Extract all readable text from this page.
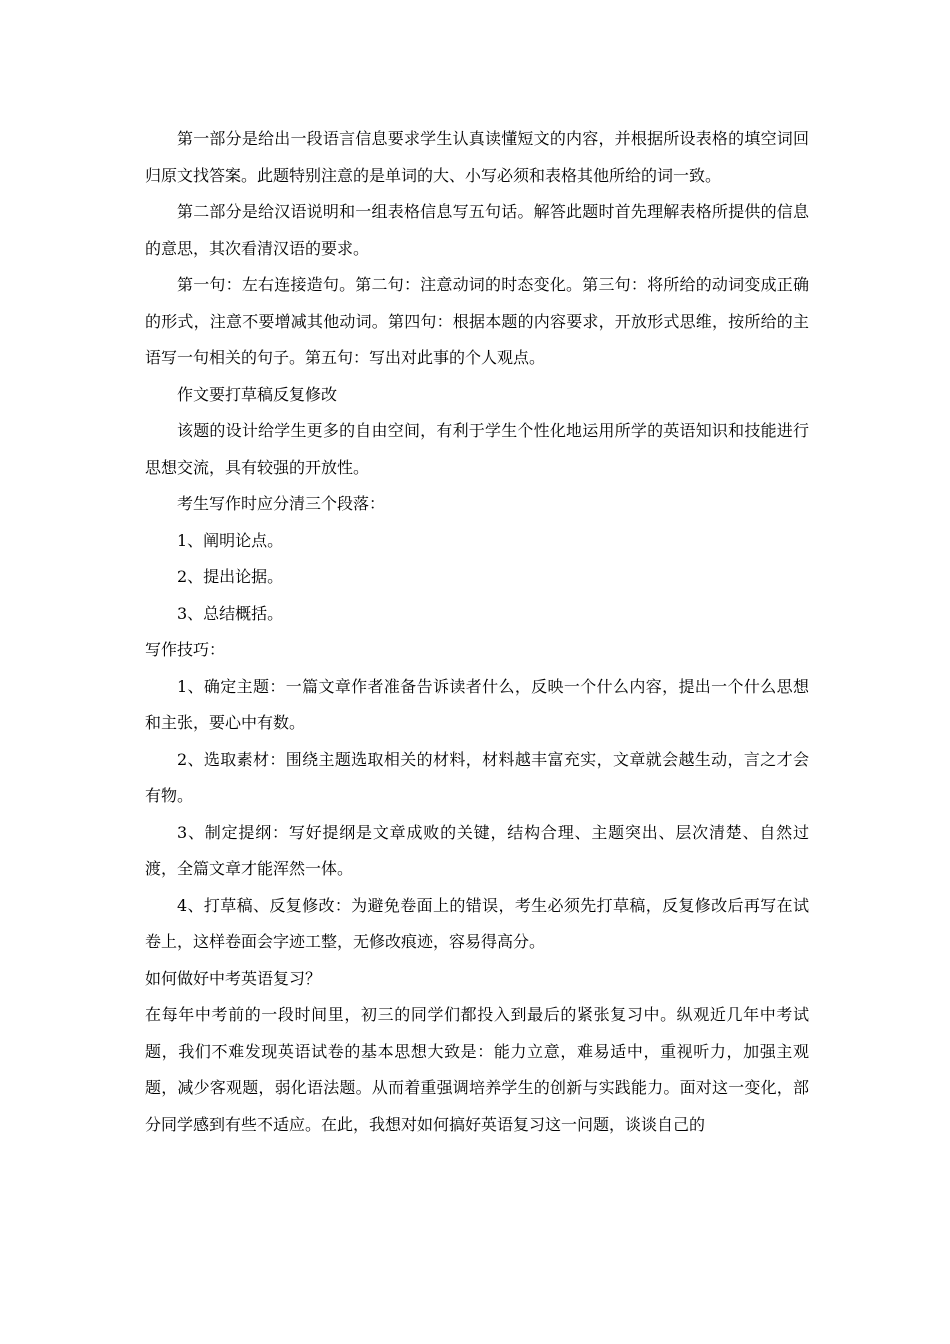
第一部分是给出一段语言信息要求学生认真读懂短文的内容，并根据所设表格的填空词回归原文找答案。此题特别注意的是单词的大、小写必须和表格其他所给的词一致。

第二部分是给汉语说明和一组表格信息写五句话。解答此题时首先理解表格所提供的信息的意思，其次看清汉语的要求。

第一句：左右连接造句。第二句：注意动词的时态变化。第三句：将所给的动词变成正确的形式，注意不要增减其他动词。第四句：根据本题的内容要求，开放形式思维，按所给的主语写一句相关的句子。第五句：写出对此事的个人观点。

作文要打草稿反复修改

该题的设计给学生更多的自由空间，有利于学生个性化地运用所学的英语知识和技能进行思想交流，具有较强的开放性。

考生写作时应分清三个段落：

1、阐明论点。

2、提出论据。

3、总结概括。

写作技巧：

1、确定主题：一篇文章作者准备告诉读者什么，反映一个什么内容，提出一个什么思想和主张，要心中有数。

2、选取素材：围绕主题选取相关的材料，材料越丰富充实，文章就会越生动，言之才会有物。

3、制定提纲：写好提纲是文章成败的关键，结构合理、主题突出、层次清楚、自然过渡，全篇文章才能浑然一体。

4、打草稿、反复修改：为避免卷面上的错误，考生必须先打草稿，反复修改后再写在试卷上，这样卷面会字迹工整，无修改痕迹，容易得高分。

如何做好中考英语复习？

在每年中考前的一段时间里，初三的同学们都投入到最后的紧张复习中。纵观近几年中考试题，我们不难发现英语试卷的基本思想大致是：能力立意，难易适中，重视听力，加强主观题，减少客观题，弱化语法题。从而着重强调培养学生的创新与实践能力。面对这一变化，部分同学感到有些不适应。在此，我想对如何搞好英语复习这一问题，谈谈自己的
